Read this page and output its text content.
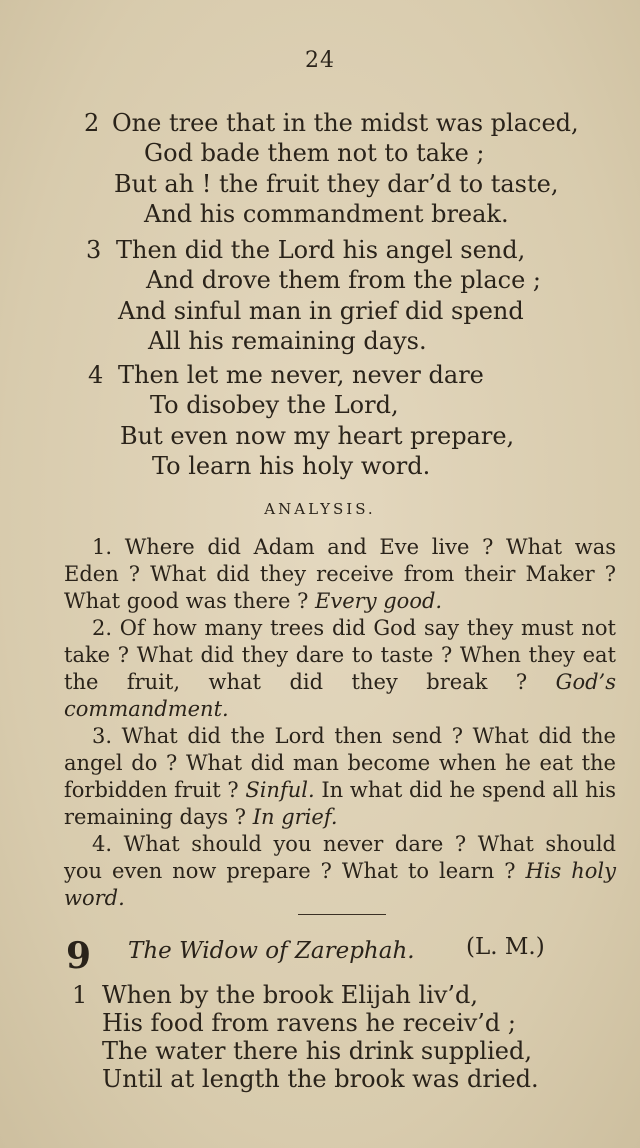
24
2 One tree that in the midst was placed,
God bade them not to take ;
But ah ! the fruit they dar’d to taste,
And his commandment break.
3 Then did the Lord his angel send,
And drove them from the place ;
And sinful man in grief did spend
All his remaining days.
4 Then let me never, never dare
To disobey the Lord,
But even now my heart prepare,
To learn his holy word.
ANALYSIS.

1. Where did Adam and Eve live ? What was Eden ? What did they receive from their Maker ? What good was there ? Every good.

2. Of how many trees did God say they must not take ? What did they dare to taste ? When they eat the fruit, what did they break ? God’s commandment.

3. What did the Lord then send ? What did the angel do ? What did man become when he eat the forbidden fruit ? Sinful. In what did he spend all his remaining days ? In grief.

4. What should you never dare ? What should you even now prepare ? What to learn ? His holy word.

9 The Widow of Zarephah. (L. M.)
1 When by the brook Elijah liv’d,
His food from ravens he receiv’d ;
The water there his drink supplied,
Until at length the brook was dried.
